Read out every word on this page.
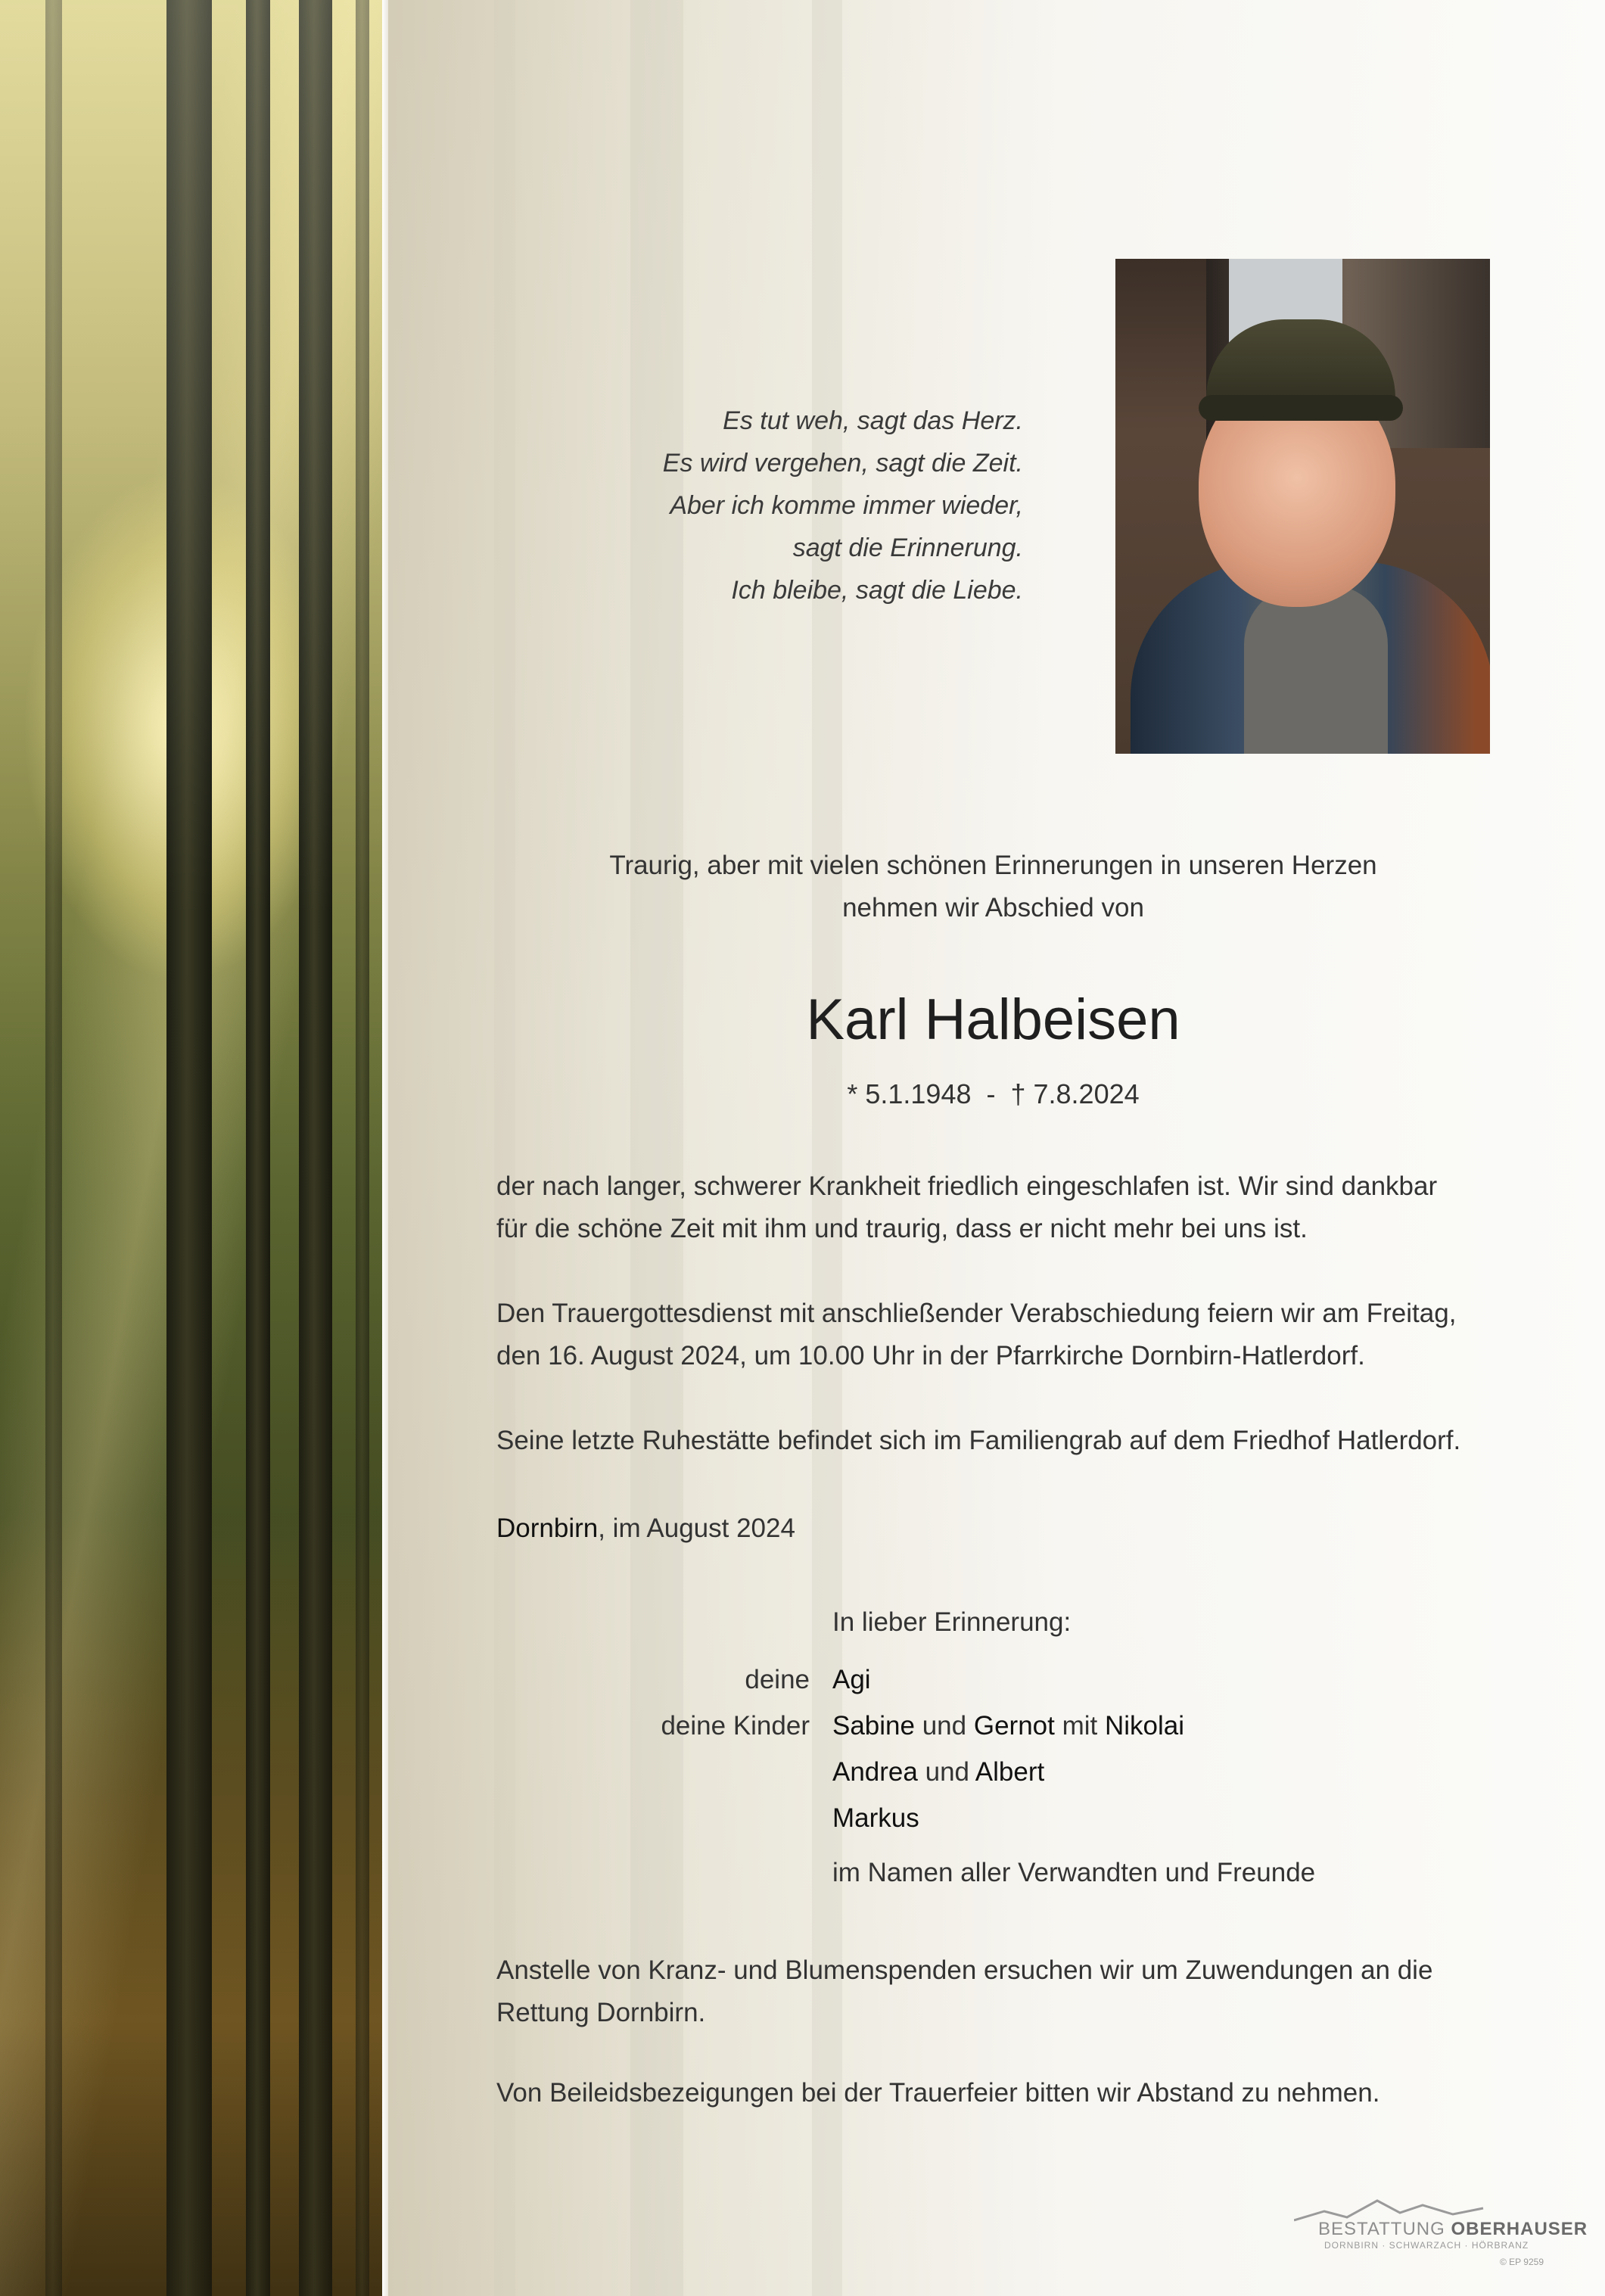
Es tut weh, sagt das Herz.
Es wird vergehen, sagt die Zeit.
Aber ich komme immer wieder,
sagt die Erinnerung.
Ich bleibe, sagt die Liebe.
Traurig, aber mit vielen schönen Erinnerungen in unseren Herzen
nehmen wir Abschied von
Karl Halbeisen
* 5.1.1948  -  † 7.8.2024
der nach langer, schwerer Krankheit friedlich eingeschlafen ist. Wir sind dankbar
für die schöne Zeit mit ihm und traurig, dass er nicht mehr bei uns ist.
Den Trauergottesdienst mit anschließender Verabschiedung feiern wir am Freitag,
den 16. August 2024, um 10.00 Uhr in der Pfarrkirche Dornbirn-Hatlerdorf.
Seine letzte Ruhestätte befindet sich im Familiengrab auf dem Friedhof Hatlerdorf.
Dornbirn, im August 2024
In lieber Erinnerung:
deine Agi
deine Kinder Sabine und Gernot mit Nikolai
Andrea und Albert
Markus
im Namen aller Verwandten und Freunde
Anstelle von Kranz- und Blumenspenden ersuchen wir um Zuwendungen an die
Rettung Dornbirn.
Von Beileidsbezeigungen bei der Trauerfeier bitten wir Abstand zu nehmen.
BESTATTUNG OBERHAUSER
DORNBIRN · SCHWARZACH · HÖRBRANZ
© EP 9259
